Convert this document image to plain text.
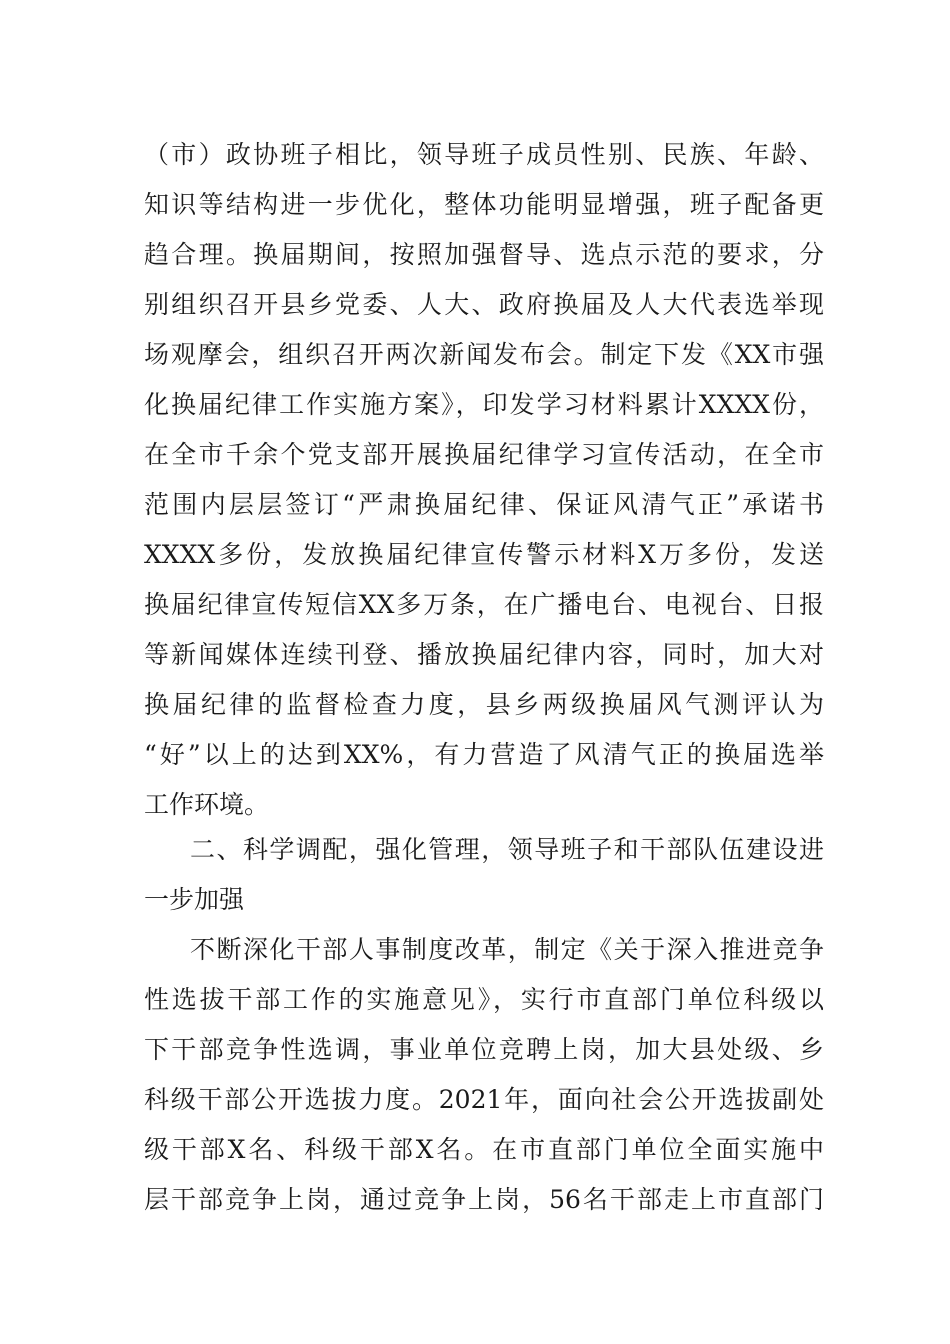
（市）政协班子相比，领导班子成员性别、民族、年龄、
知识等结构进一步优化，整体功能明显增强，班子配备更
趋合理。换届期间，按照加强督导、选点示范的要求，分
别组织召开县乡党委、人大、政府换届及人大代表选举现
场观摩会，组织召开两次新闻发布会。制定下发《XX市强
化换届纪律工作实施方案》，印发学习材料累计XXXX份，
在全市千余个党支部开展换届纪律学习宣传活动，在全市
范围内层层签订“严肃换届纪律、保证风清气正”承诺书
XXXX多份，发放换届纪律宣传警示材料X万多份，发送
换届纪律宣传短信XX多万条，在广播电台、电视台、日报
等新闻媒体连续刊登、播放换届纪律内容，同时，加大对
换届纪律的监督检查力度，县乡两级换届风气测评认为
“好”以上的达到XX%，有力营造了风清气正的换届选举
工作环境。
二、科学调配，强化管理，领导班子和干部队伍建设进
一步加强
不断深化干部人事制度改革，制定《关于深入推进竞争
性选拔干部工作的实施意见》，实行市直部门单位科级以
下干部竞争性选调，事业单位竞聘上岗，加大县处级、乡
科级干部公开选拔力度。2021年，面向社会公开选拔副处
级干部X名、科级干部X名。在市直部门单位全面实施中
层干部竞争上岗，通过竞争上岗，56名干部走上市直部门
